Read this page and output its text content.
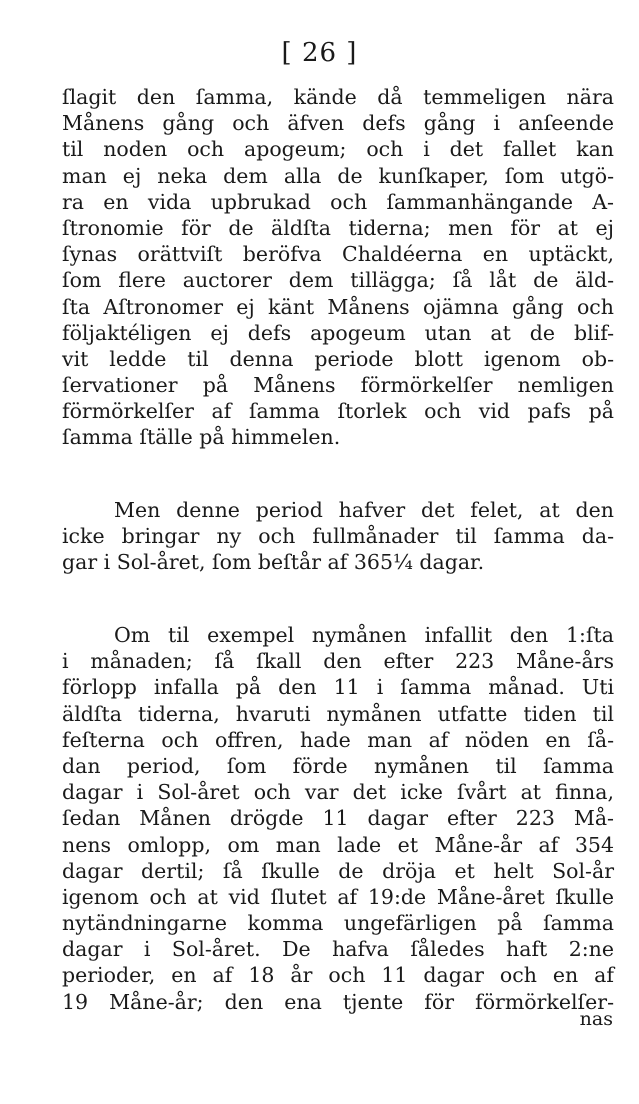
[ 26 ]
ſlagit den ſamma, kände då temmeligen nära
Månens gång och äfven defs gång i anſeende
til noden och apogeum; och i det fallet kan
man ej neka dem alla de kunſkaper, ſom utgö-
ra en vida upbrukad och ſammanhängande A-
ſtronomie för de äldſta tiderna; men för at ej
ſynas orättviſt beröfva Chaldéerna en uptäckt,
ſom flere auctorer dem tillägga; ſå låt de äld-
ſta Aſtronomer ej känt Månens ojämna gång och
följaktéligen ej defs apogeum utan at de blif-
vit ledde til denna periode blott igenom ob-
ſervationer på Månens förmörkelſer nemligen
förmörkelſer af ſamma ſtorlek och vid pafs på
ſamma ſtälle på himmelen.
Men denne period hafver det felet, at den
icke bringar ny och fullmånader til ſamma da-
gar i Sol-året, ſom beſtår af 365¼ dagar.
Om til exempel nymånen infallit den 1:ſta
i månaden; ſå ſkall den efter 223 Måne-års
förlopp infalla på den 11 i ſamma månad. Uti
äldſta tiderna, hvaruti nymånen utfatte tiden til
feſterna och offren, hade man af nöden en ſå-
dan period, ſom förde nymånen til ſamma
dagar i Sol-året och var det icke ſvårt at finna,
ſedan Månen drögde 11 dagar efter 223 Må-
nens omlopp, om man lade et Måne-år af 354
dagar dertil; ſå ſkulle de dröja et helt Sol-år
igenom och at vid ſlutet af 19:de Måne-året ſkulle
nytändningarne komma ungefärligen på ſamma
dagar i Sol-året. De hafva ſåledes haft 2:ne
perioder, en af 18 år och 11 dagar och en af
19 Måne-år; den ena tjente för förmörkelſer-
nas
